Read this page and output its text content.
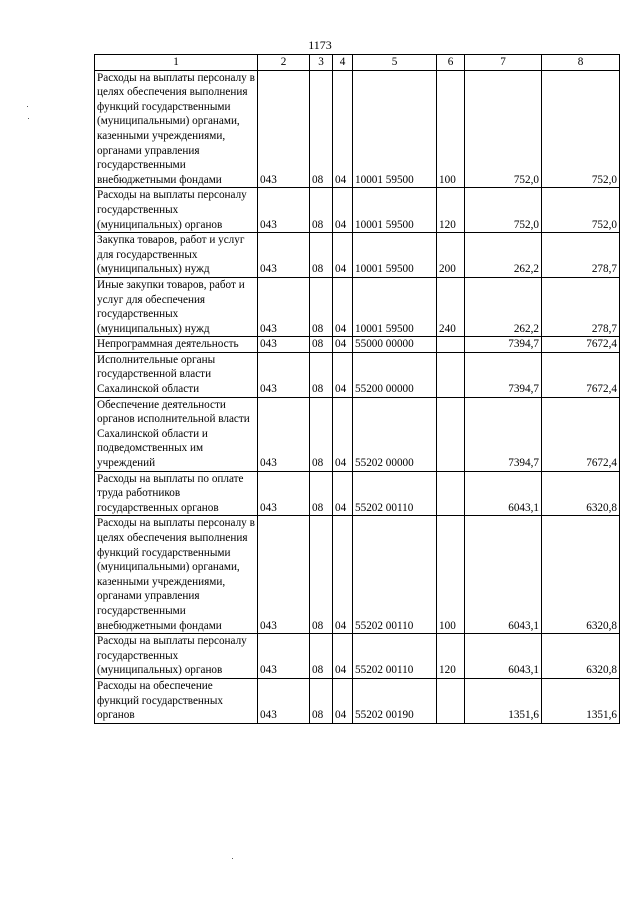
1173
1	2	3	4	5	6	7	8
Расходы на выплаты персоналу в целях обеспечения выполнения функций государственными (муниципальными) органами, казенными учреждениями, органами управления государственными внебюджетными фондами	043	08	04	10001 59500	100	752,0	752,0
Расходы на выплаты персоналу государственных (муниципальных) органов	043	08	04	10001 59500	120	752,0	752,0
Закупка товаров, работ и услуг для государственных (муниципальных) нужд	043	08	04	10001 59500	200	262,2	278,7
Иные закупки товаров, работ и услуг для обеспечения государственных (муниципальных) нужд	043	08	04	10001 59500	240	262,2	278,7
Непрограммная деятельность	043	08	04	55000 00000		7394,7	7672,4
Исполнительные органы государственной власти Сахалинской области	043	08	04	55200 00000		7394,7	7672,4
Обеспечение деятельности органов исполнительной власти Сахалинской области и подведомственных им учреждений	043	08	04	55202 00000		7394,7	7672,4
Расходы на выплаты по оплате труда работников государственных органов	043	08	04	55202 00110		6043,1	6320,8
Расходы на выплаты персоналу в целях обеспечения выполнения функций государственными (муниципальными) органами, казенными учреждениями, органами управления государственными внебюджетными фондами	043	08	04	55202 00110	100	6043,1	6320,8
Расходы на выплаты персоналу государственных (муниципальных) органов	043	08	04	55202 00110	120	6043,1	6320,8
Расходы на обеспечение функций государственных органов	043	08	04	55202 00190		1351,6	1351,6
